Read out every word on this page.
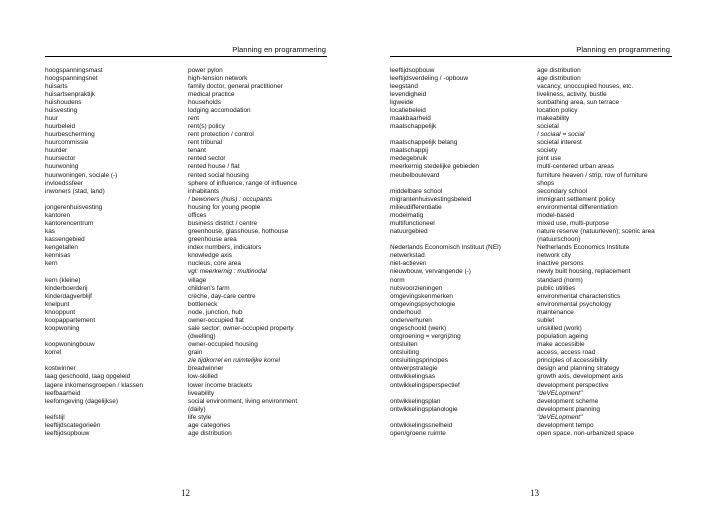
Planning en programmering
hoogspanningsmast	power pylon
hoogspanningsnet	high-tension network
huisarts	family doctor, general practitioner
huisartsenpraktijk	medical practice
huishoudens	households
huisvesting	lodging accomodation
huur	rent
huurbeleid	rent(s) policy
huurbescherming	rent protection / control
huurcommissie	rent tribunal
huurder	tenant
huursector	rented sector
huurwoning	rented house / flat
huurwoningen, sociale (-)	rented social housing
invloedssfeer	sphere of influence, range of influence
inwoners (stad, land)	inhabitants
! bewoners (huis) : occupants
jongerenhuisvesting	housing for young people
kantoren	offices
kantorencentrum	business district / centre
kas	greenhouse, glasshouse, hothouse
kassengebied	greenhouse area
kengetallen	index numbers, indicators
kennisas	knowledge axis
kern	nucleus, core area
vgl: meerkernig : multinodal
kern (kleine)	village
kinderboerderij	children's farm
kinderdagverblijf	crèche, day-care centre
knelpunt	bottleneck
knooppunt	node, junction, hub
koopappartement	owner-occupied flat
koopwoning	sale sector; owner-occupied property
(dwelling)
koopwoningbouw	owner-occupied housing
korrel	grain
zie tijdkorrel en ruimtelijke korrel
kostwinner	breadwinner
laag geschoold, laag opgeleid	low-skilled
lagere inkomensgroepen / klassen	lower income brackets
leefbaarheid	liveability
leefomgeving (dagelijkse)	social environment, living environment
(daily)
leefstijl	life style
leeftijdscategorieën	age categories
leeftijdsopbouw	age distribution
12
Planning en programmering
leeftijdsopbouw	age distribution
leeftijdsverdeling / -opbouw	age distribution
leegstand	vacancy, unoccupied houses, etc.
levendigheid	liveliness, activity, bustle
ligweide	sunbathing area, sun terrace
locatiebeleid	location policy
maakbaarheid	makeability
maatschappelijk	societal
! sociaal = social
maatschappelijk belang	societal interest
maatschappij	society
medegebruik	joint use
meerkernig stedelijke gebieden	multi-centered urban areas
meubelboulevard	furniture heaven / strip, row of furniture
shops
middelbare school	secondary school
migrantenhuisvestingsbeleid	immigrant settlement policy
milieudifferentiatie	environmental differentiation
modelmatig	model-based
multifunctioneel	mixed use, multi-purpose
natuurgebied	nature reserve (natuurleven); scenic area
(natuurschoon)
Nederlands Economisch Instituut (NEI)	Netherlands Economics Institute
netwerkstad	network city
niet-actieven	inactive persons
nieuwbouw, vervangende (-)	newly built housing, replacement
norm	standard (norm)
nutsvoorzieningen	public utilities
omgevingskenmerken	environmental characteristics
omgevingspsychologie	environmental psychology
onderhoud	maintenance
onderverhuren	sublet
ongeschoold (werk)	unskilled (work)
ontgroening = vergrijzing	population ageing
ontsluiten	make accessible
ontsluiting	access, access road
ontsluitingsprincipes	principles of accessibility
ontwerpstrategie	design and planning strategy
ontwikkelingsas	growth axis, development axis
ontwikkelingsperspectief	development perspective
"deVELopment"
ontwikkelingsplan	development scheme
ontwikkelingsplanologie	development planning
"deVELopment"
ontwikkelingssnelheid	development tempo
open/groene ruimte	open space, non-urbanized space
13
